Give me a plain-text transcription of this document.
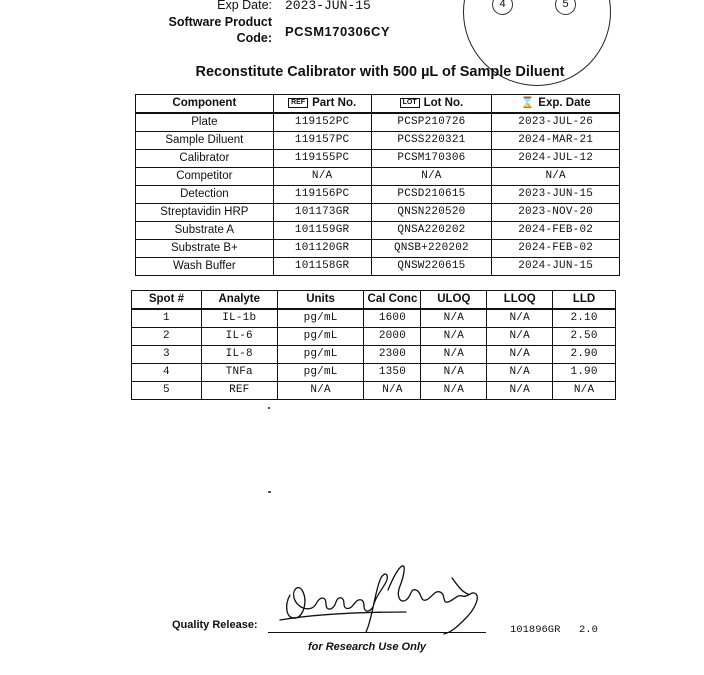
Exp Date: 2023-JUN-15
Software Product
Code: PCSM170306CY
4	5
Reconstitute Calibrator with 500 µL of Sample Diluent
Component	REF Part No.	LOT Lot No.	⌛ Exp. Date
Plate	119152PC	PCSP210726	2023-JUL-26
Sample Diluent	119157PC	PCSS220321	2024-MAR-21
Calibrator	119155PC	PCSM170306	2024-JUL-12
Competitor	N/A	N/A	N/A
Detection	119156PC	PCSD210615	2023-JUN-15
Streptavidin HRP	101173GR	QNSN220520	2023-NOV-20
Substrate A	101159GR	QNSA220202	2024-FEB-02
Substrate B+	101120GR	QNSB+220202	2024-FEB-02
Wash Buffer	101158GR	QNSW220615	2024-JUN-15
Spot #	Analyte	Units	Cal Conc	ULOQ	LLOQ	LLD
1	IL-1b	pg/mL	1600	N/A	N/A	2.10
2	IL-6	pg/mL	2000	N/A	N/A	2.50
3	IL-8	pg/mL	2300	N/A	N/A	2.90
4	TNFa	pg/mL	1350	N/A	N/A	1.90
5	REF	N/A	N/A	N/A	N/A	N/A
Quality Release:
for Research Use Only
101896GR 2.0
